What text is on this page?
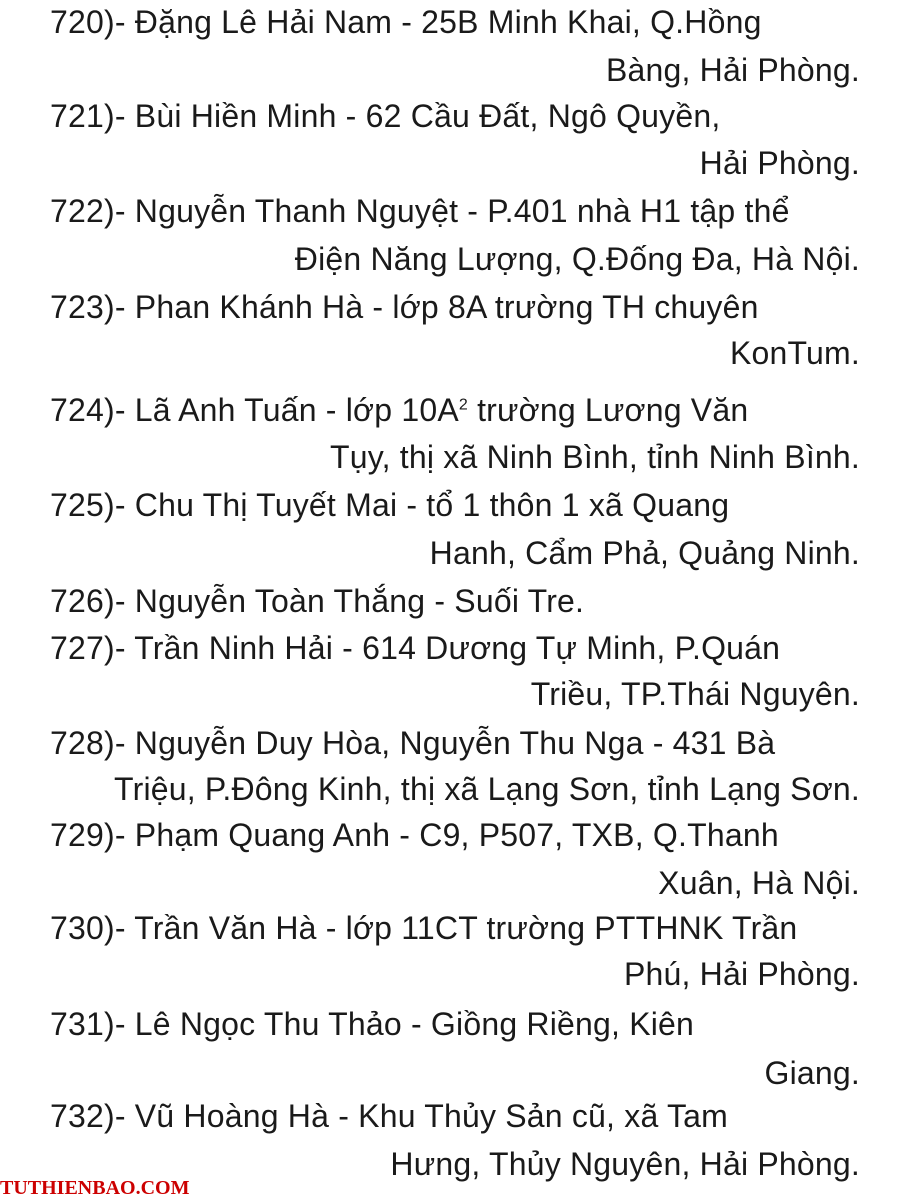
720)- Đặng Lê Hải Nam - 25B Minh Khai, Q.Hồng
Bàng, Hải Phòng.
721)- Bùi Hiền Minh - 62 Cầu Đất, Ngô Quyền,
Hải Phòng.
722)- Nguyễn Thanh Nguyệt - P.401 nhà H1 tập thể
Điện Năng Lượng, Q.Đống Đa, Hà Nội.
723)- Phan Khánh Hà - lớp 8A trường TH chuyên
KonTum.
724)- Lã Anh Tuấn - lớp $10A^2$ trường Lương Văn
Tụy, thị xã Ninh Bình, tỉnh Ninh Bình.
725)- Chu Thị Tuyết Mai - tổ 1 thôn 1 xã Quang
Hanh, Cẩm Phả, Quảng Ninh.
726)- Nguyễn Toàn Thắng - Suối Tre.
727)- Trần Ninh Hải - 614 Dương Tự Minh, P.Quán
Triều, TP.Thái Nguyên.
728)- Nguyễn Duy Hòa, Nguyễn Thu Nga - 431 Bà
Triệu, P.Đông Kinh, thị xã Lạng Sơn, tỉnh Lạng Sơn.
729)- Phạm Quang Anh - C9, P507, TXB, Q.Thanh
Xuân, Hà Nội.
730)- Trần Văn Hà - lớp 11CT trường PTTHNK Trần
Phú, Hải Phòng.
731)- Lê Ngọc Thu Thảo - Giồng Riềng, Kiên
Giang.
732)- Vũ Hoàng Hà - Khu Thủy Sản cũ, xã Tam
Hưng, Thủy Nguyên, Hải Phòng.
TUTHIENBAO.COM
